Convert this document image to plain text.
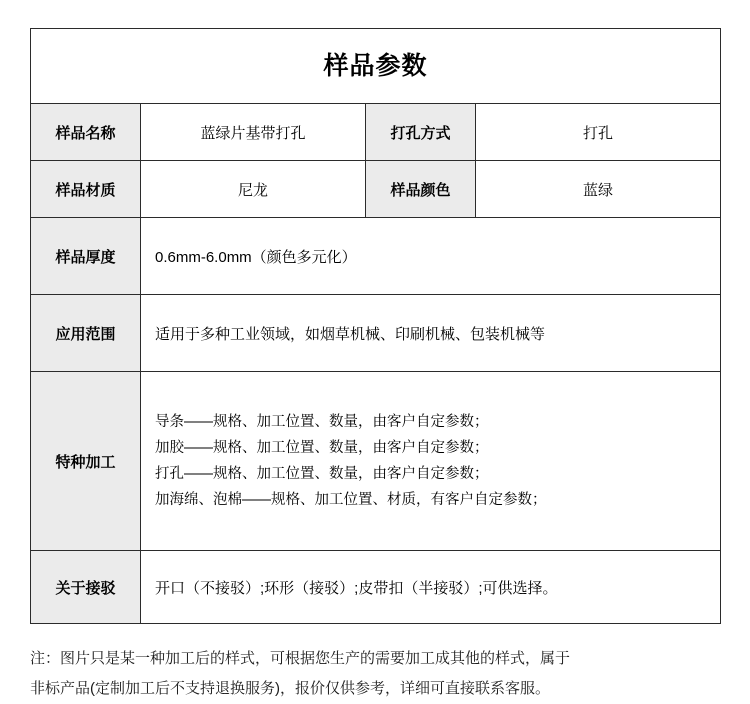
样品参数			
样品名称	蓝绿片基带打孔	打孔方式	打孔
样品材质	尼龙	样品颜色	蓝绿
样品厚度	0.6mm-6.0mm（颜色多元化）		
应用范围	适用于多种工业领域，如烟草机械、印刷机械、包装机械等		
特种加工	导条——规格、加工位置、数量，由客户自定参数；
加胶——规格、加工位置、数量，由客户自定参数；
打孔——规格、加工位置、数量，由客户自定参数；
加海绵、泡棉——规格、加工位置、材质，有客户自定参数；		

关于接驳	开口（不接驳）;环形（接驳）;皮带扣（半接驳）;可供选择。		
注：图片只是某一种加工后的样式，可根据您生产的需要加工成其他的样式，属于
非标产品(定制加工后不支持退换服务)，报价仅供参考，详细可直接联系客服。
